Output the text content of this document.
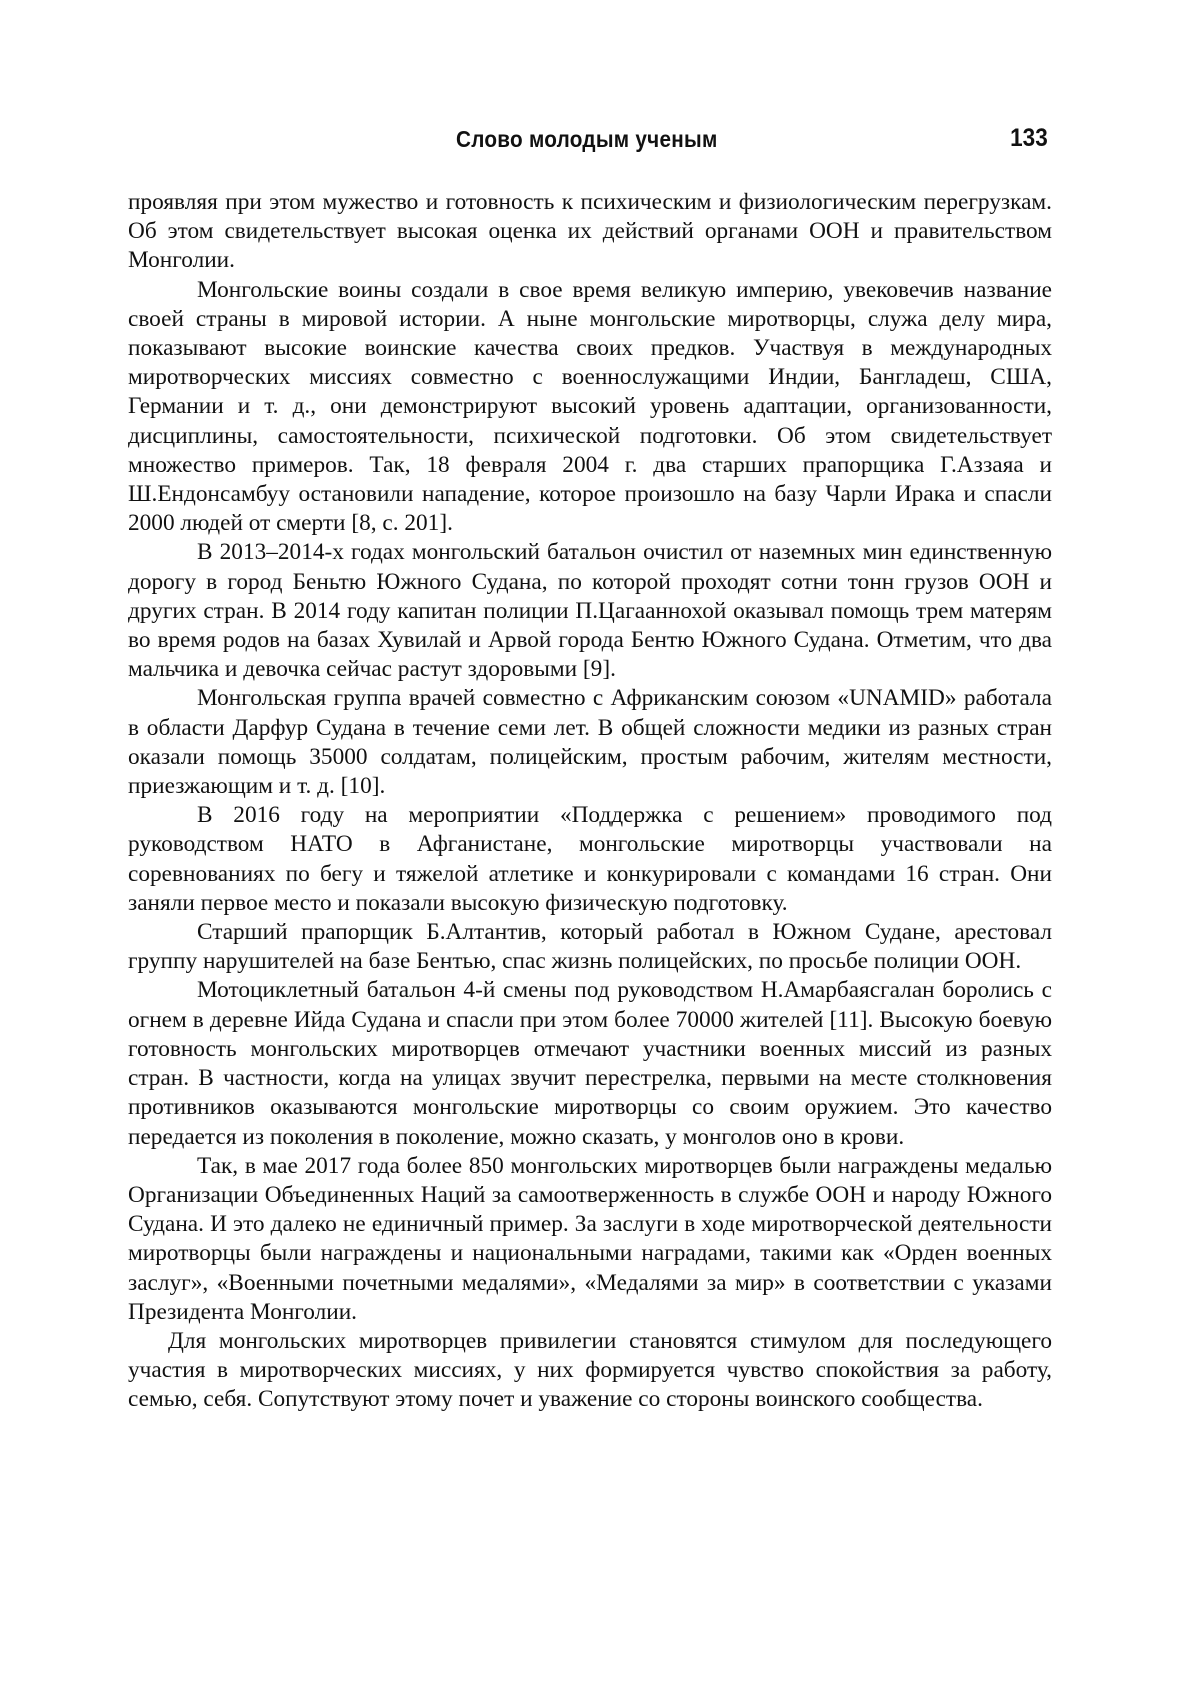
Слово молодым ученым	133

проявляя при этом мужество и готовность к психическим и физиологическим перегрузкам. Об этом свидетельствует высокая оценка их действий органами ООН и правительством Монголии.

Монгольские воины создали в свое время великую империю, увековечив название своей страны в мировой истории. А ныне монгольские миротворцы, служа делу мира, показывают высокие воинские качества своих предков. Участвуя в международных миротворческих миссиях совместно с военнослужащими Индии, Бангладеш, США, Германии и т. д., они демонстрируют высокий уровень адаптации, организованности, дисциплины, самостоятельности, психической подготовки. Об этом свидетельствует множество примеров. Так, 18 февраля 2004 г. два старших прапорщика Г.Аззаяа и Ш.Ендонсамбуу остановили нападение, которое произошло на базу Чарли Ирака и спасли 2000 людей от смерти [8, с. 201].

В 2013–2014-х годах монгольский батальон очистил от наземных мин единственную дорогу в город Беньтю Южного Судана, по которой проходят сотни тонн грузов ООН и других стран. В 2014 году капитан полиции П.Цагааннохой оказывал помощь трем матерям во время родов на базах Хувилай и Арвой города Бентю Южного Судана. Отметим, что два мальчика и девочка сейчас растут здоровыми [9].

Монгольская группа врачей совместно с Африканским союзом «UNAMID» работала в области Дарфур Судана в течение семи лет. В общей сложности медики из разных стран оказали помощь 35000 солдатам, полицейским, простым рабочим, жителям местности, приезжающим и т. д. [10].

В 2016 году на мероприятии «Поддержка с решением» проводимого под руководством НАТО в Афганистане, монгольские миротворцы участвовали на соревнованиях по бегу и тяжелой атлетике и конкурировали с командами 16 стран. Они заняли первое место и показали высокую физическую подготовку.

Старший прапорщик Б.Алтантив, который работал в Южном Судане, арестовал группу нарушителей на базе Бентью, спас жизнь полицейских, по просьбе полиции ООН.

Мотоциклетный батальон 4-й смены под руководством Н.Амарбаясгалан боролись с огнем в деревне Ийда Судана и спасли при этом более 70000 жителей [11]. Высокую боевую готовность монгольских миротворцев отмечают участники военных миссий из разных стран. В частности, когда на улицах звучит перестрелка, первыми на месте столкновения противников оказываются монгольские миротворцы со своим оружием. Это качество передается из поколения в поколение, можно сказать, у монголов оно в крови.

Так, в мае 2017 года более 850 монгольских миротворцев были награждены медалью Организации Объединенных Наций за самоотверженность в службе ООН и народу Южного Судана. И это далеко не единичный пример. За заслуги в ходе миротворческой деятельности миротворцы были награждены и национальными наградами, такими как «Орден военных заслуг», «Военными почетными медалями», «Медалями за мир» в соответствии с указами Президента Монголии.

Для монгольских миротворцев привилегии становятся стимулом для последующего участия в миротворческих миссиях, у них формируется чувство спокойствия за работу, семью, себя. Сопутствуют этому почет и уважение со стороны воинского сообщества.
